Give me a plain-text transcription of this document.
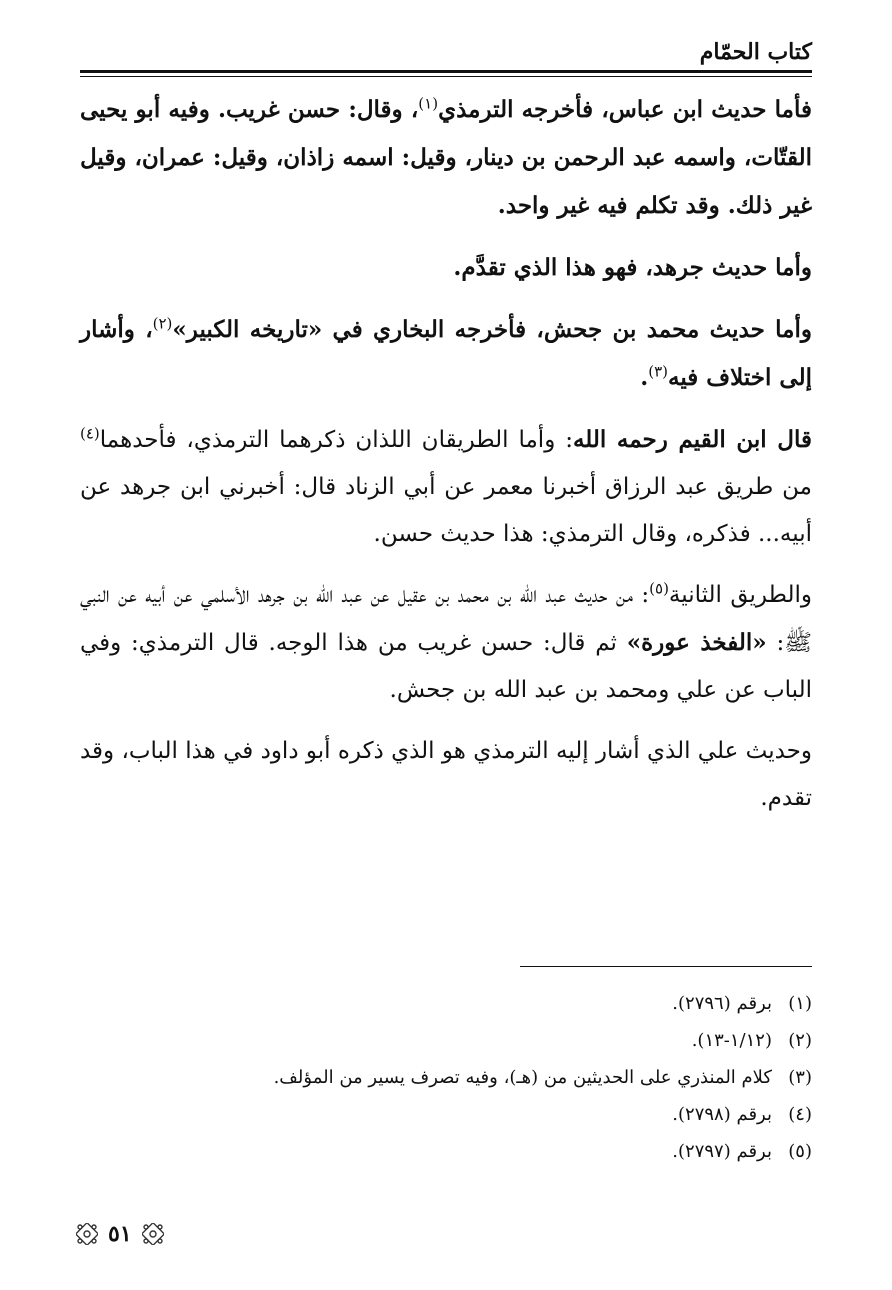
كتاب الحمّام

فأما حديث ابن عباس، فأخرجه الترمذي$^{(١)}$، وقال: حسن غريب. وفيه أبو يحيى القتّات، واسمه عبد الرحمن بن دينار، وقيل: اسمه زاذان، وقيل: عمران، وقيل غير ذلك. وقد تكلم فيه غير واحد.

وأما حديث جرهد، فهو هذا الذي تقدَّم.

وأما حديث محمد بن جحش، فأخرجه البخاري في «تاريخه الكبير»$^{(٢)}$، وأشار إلى اختلاف فيه$^{(٣)}$.

قال ابن القيم رحمه الله: وأما الطريقان اللذان ذكرهما الترمذي، فأحدهما$^{(٤)}$ من طريق عبد الرزاق أخبرنا معمر عن أبي الزناد قال: أخبرني ابن جرهد عن أبيه... فذكره، وقال الترمذي: هذا حديث حسن.

والطريق الثانية$^{(٥)}$: من حديث عبد الله بن محمد بن عقيل عن عبد الله بن جرهد الأسلمي عن أبيه عن النبي ﷺ: «الفخذ عورة» ثم قال: حسن غريب من هذا الوجه. قال الترمذي: وفي الباب عن علي ومحمد بن عبد الله بن جحش.

وحديث علي الذي أشار إليه الترمذي هو الذي ذكره أبو داود في هذا الباب، وقد تقدم.

(١)
برقم (٢٧٩٦).
(٢)
(١/١٢-١٣).
(٣)
كلام المنذري على الحديثين من (هـ)، وفيه تصرف يسير من المؤلف.
(٤)
برقم (٢٧٩٨).
(٥)
برقم (٢٧٩٧).
٥١
